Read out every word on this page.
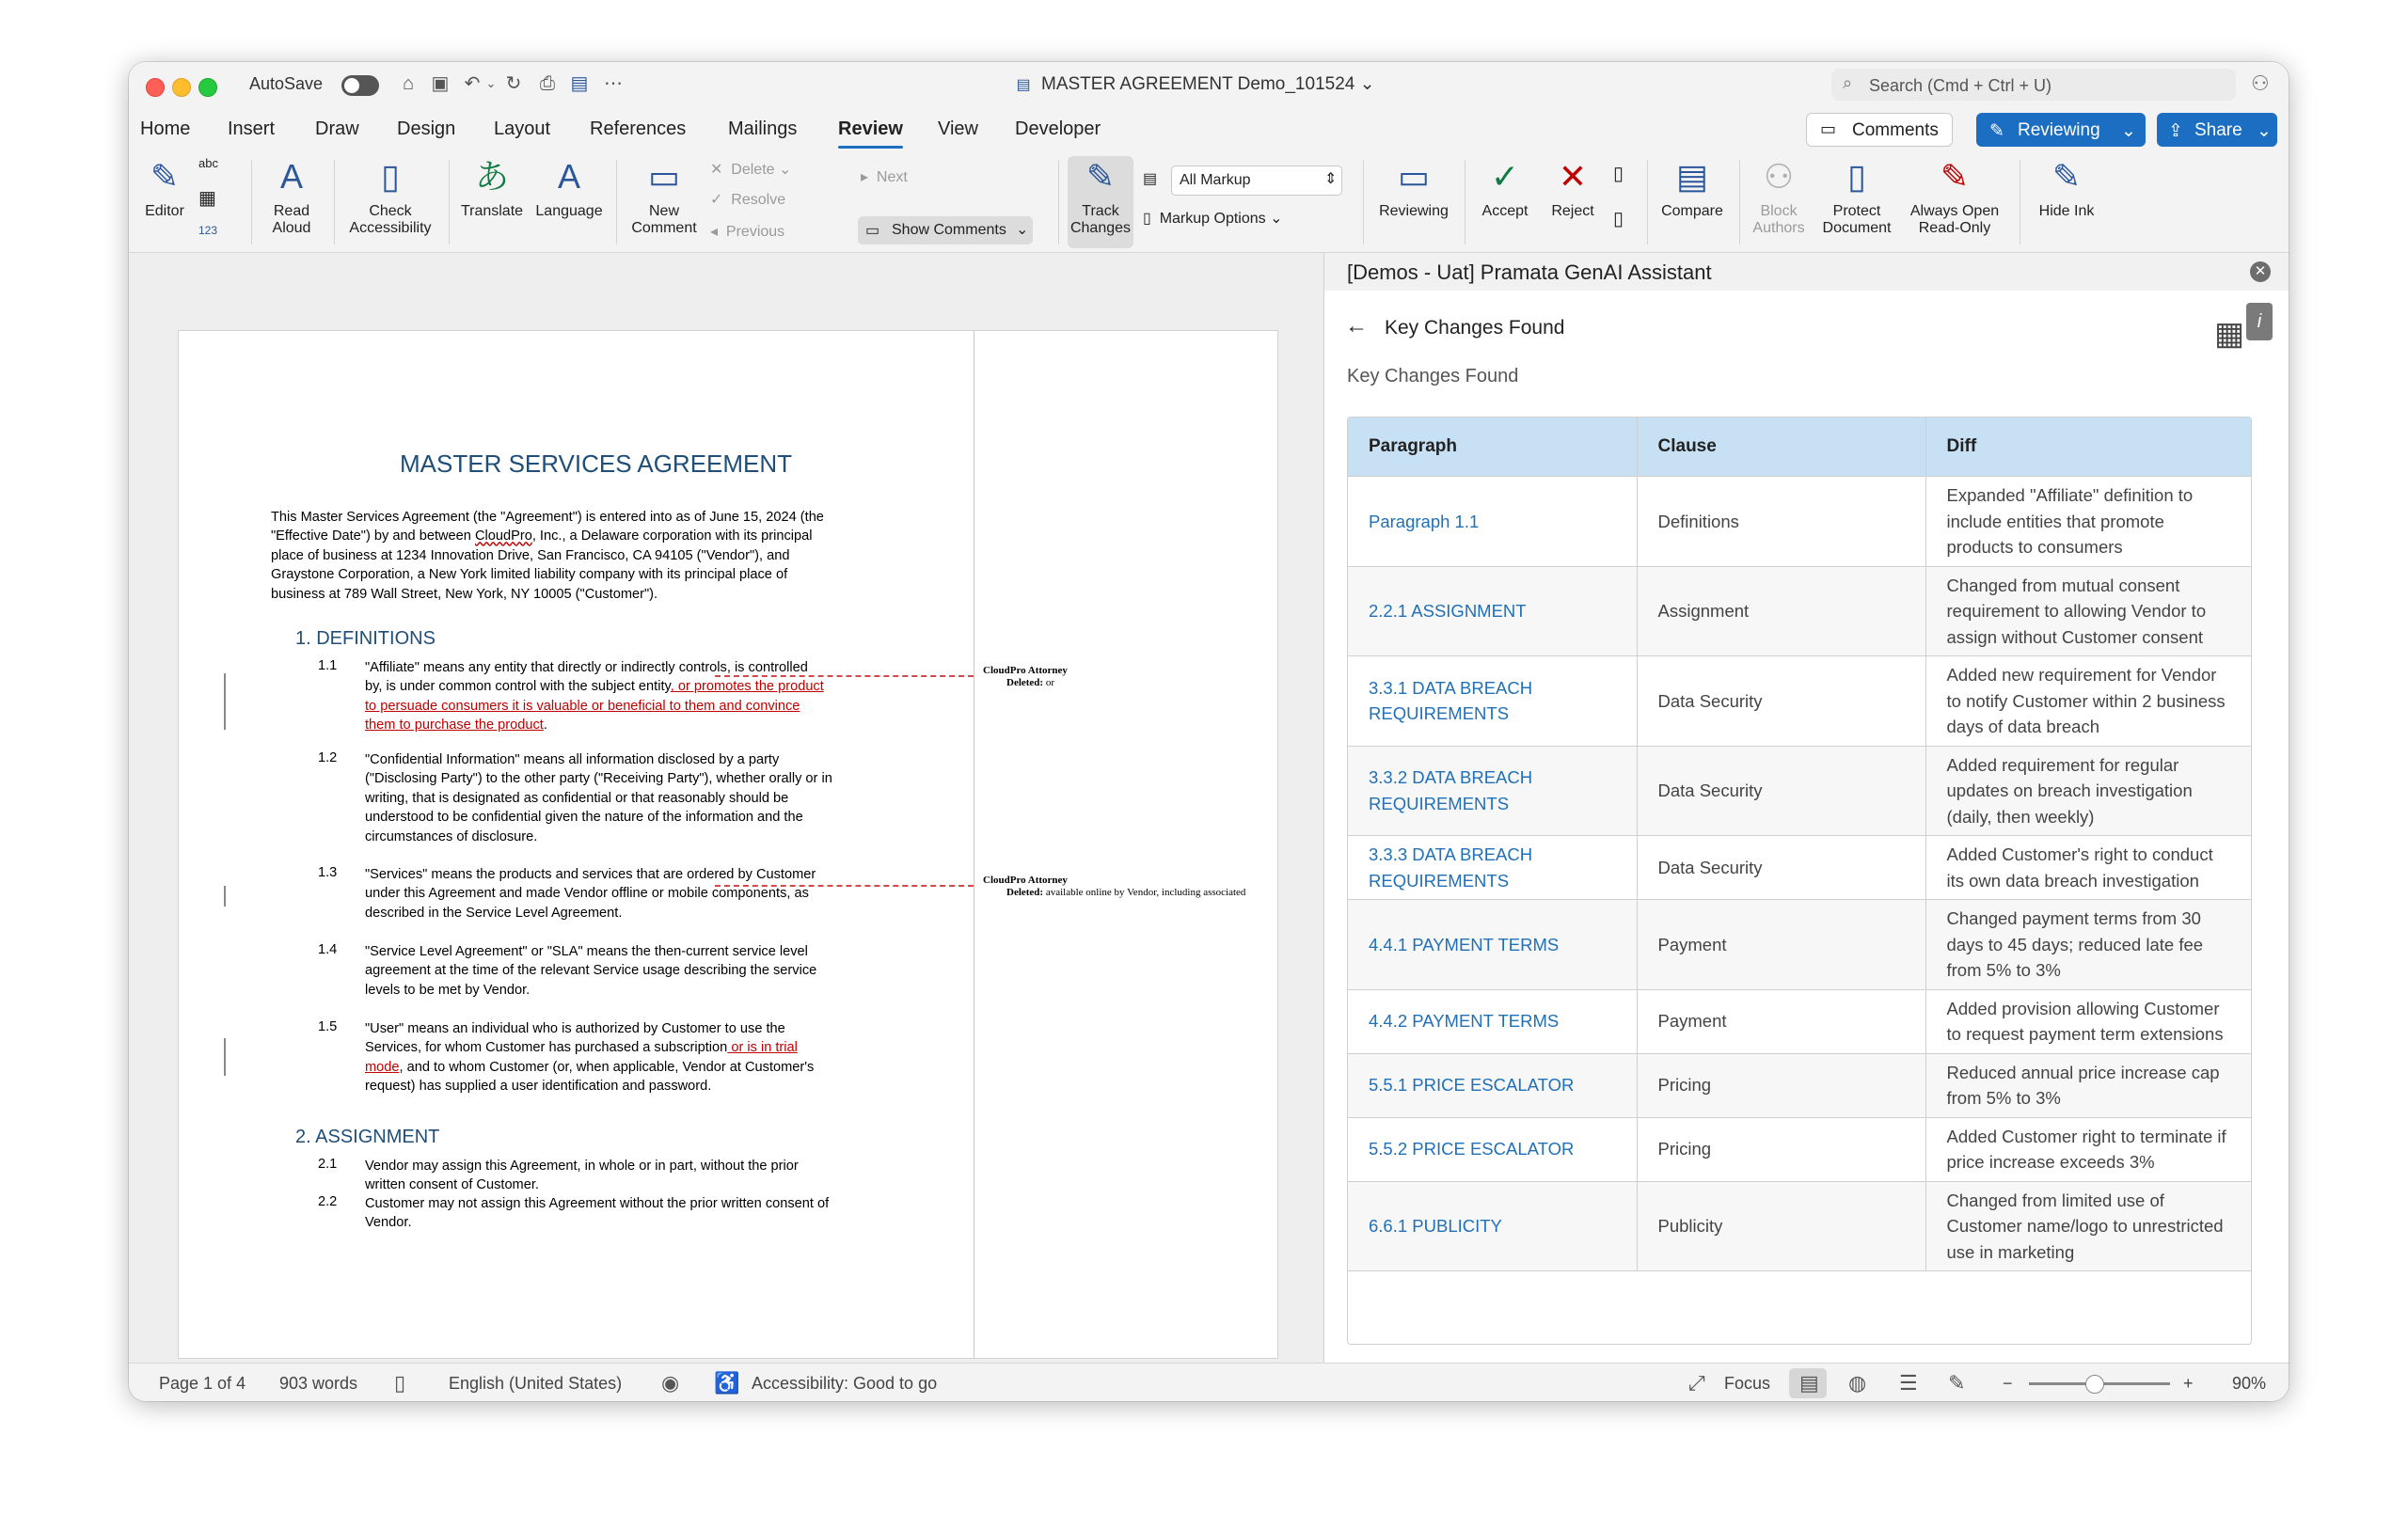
AutoSave	⌂ ▣ ↶ ⌄ ↻ ⎙ ▤ ⋯	▤ MASTER AGREEMENT Demo_101524 ⌄	⌕ Search (Cmd + Ctrl + U)	⚇
Home Insert Draw Design Layout References Mailings Review View Developer	▭ Comments	✎ Reviewing ⌄ ⇪ Share ⌄
✎
Editor
abc
▦
123
A
Read
Aloud
▯
Check
Accessibility
あ
Translate
A
Language
▭
New
Comment
✕  Delete ⌄
✓  Resolve
◂  Previous
▸  Next
▭ Show Comments ⌄
✎
Track
Changes
▤ All Markup	⇕
▯  Markup Options ⌄
▭
Reviewing
✓
Accept
✕
Reject
▯
▯
▤
Compare
⚇
Block
Authors
▯
Protect
Document
✎
Always Open
Read-Only
✎
Hide Ink
MASTER SERVICES AGREEMENT
This Master Services Agreement (the "Agreement") is entered into as of June 15, 2024 (the
"Effective Date") by and between CloudPro, Inc., a Delaware corporation with its principal
place of business at 1234 Innovation Drive, San Francisco, CA 94105 ("Vendor"), and
Graystone Corporation, a New York limited liability company with its principal place of
business at 789 Wall Street, New York, NY 10005 ("Customer").
1. DEFINITIONS
1.1 "Affiliate" means any entity that directly or indirectly controls, is controlled
by, is under common control with the subject entity, or promotes the product
to persuade consumers it is valuable or beneficial to them and convince
them to purchase the product.
CloudPro Attorney
Deleted: or
1.2 "Confidential Information" means all information disclosed by a party
("Disclosing Party") to the other party ("Receiving Party"), whether orally or in
writing, that is designated as confidential or that reasonably should be
understood to be confidential given the nature of the information and the
circumstances of disclosure.
1.3 "Services" means the products and services that are ordered by Customer
under this Agreement and made Vendor offline or mobile components, as
described in the Service Level Agreement.
CloudPro Attorney
Deleted: available online by Vendor, including associated
1.4 "Service Level Agreement" or "SLA" means the then-current service level
agreement at the time of the relevant Service usage describing the service
levels to be met by Vendor.
1.5 "User" means an individual who is authorized by Customer to use the
Services, for whom Customer has purchased a subscription or is in trial
mode, and to whom Customer (or, when applicable, Vendor at Customer's
request) has supplied a user identification and password.
2. ASSIGNMENT
2.1 Vendor may assign this Agreement, in whole or in part, without the prior
written consent of Customer.
2.2 Customer may not assign this Agreement without the prior written consent of
Vendor.
[Demos - Uat] Pramata GenAI Assistant	✕
← Key Changes Found	▦ i
Key Changes Found
Paragraph	Clause	Diff
Paragraph 1.1	Definitions	Expanded "Affiliate" definition to include entities that promote products to consumers
2.2.1 ASSIGNMENT	Assignment	Changed from mutual consent requirement to allowing Vendor to assign without Customer consent
3.3.1 DATA BREACH REQUIREMENTS	Data Security	Added new requirement for Vendor to notify Customer within 2 business days of data breach
3.3.2 DATA BREACH REQUIREMENTS	Data Security	Added requirement for regular updates on breach investigation (daily, then weekly)
3.3.3 DATA BREACH REQUIREMENTS	Data Security	Added Customer's right to conduct its own data breach investigation
4.4.1 PAYMENT TERMS	Payment	Changed payment terms from 30 days to 45 days; reduced late fee from 5% to 3%
4.4.2 PAYMENT TERMS	Payment	Added provision allowing Customer to request payment term extensions
5.5.1 PRICE ESCALATOR	Pricing	Reduced annual price increase cap from 5% to 3%
5.5.2 PRICE ESCALATOR	Pricing	Added Customer right to terminate if price increase exceeds 3%
6.6.1 PUBLICITY	Publicity	Changed from limited use of Customer name/logo to unrestricted use in marketing
Page 1 of 4 903 words ▯	English (United States) ◉ ♿ Accessibility: Good to go	⤢ Focus ▤ ◍ ☰ ✎ −	+ 90%
